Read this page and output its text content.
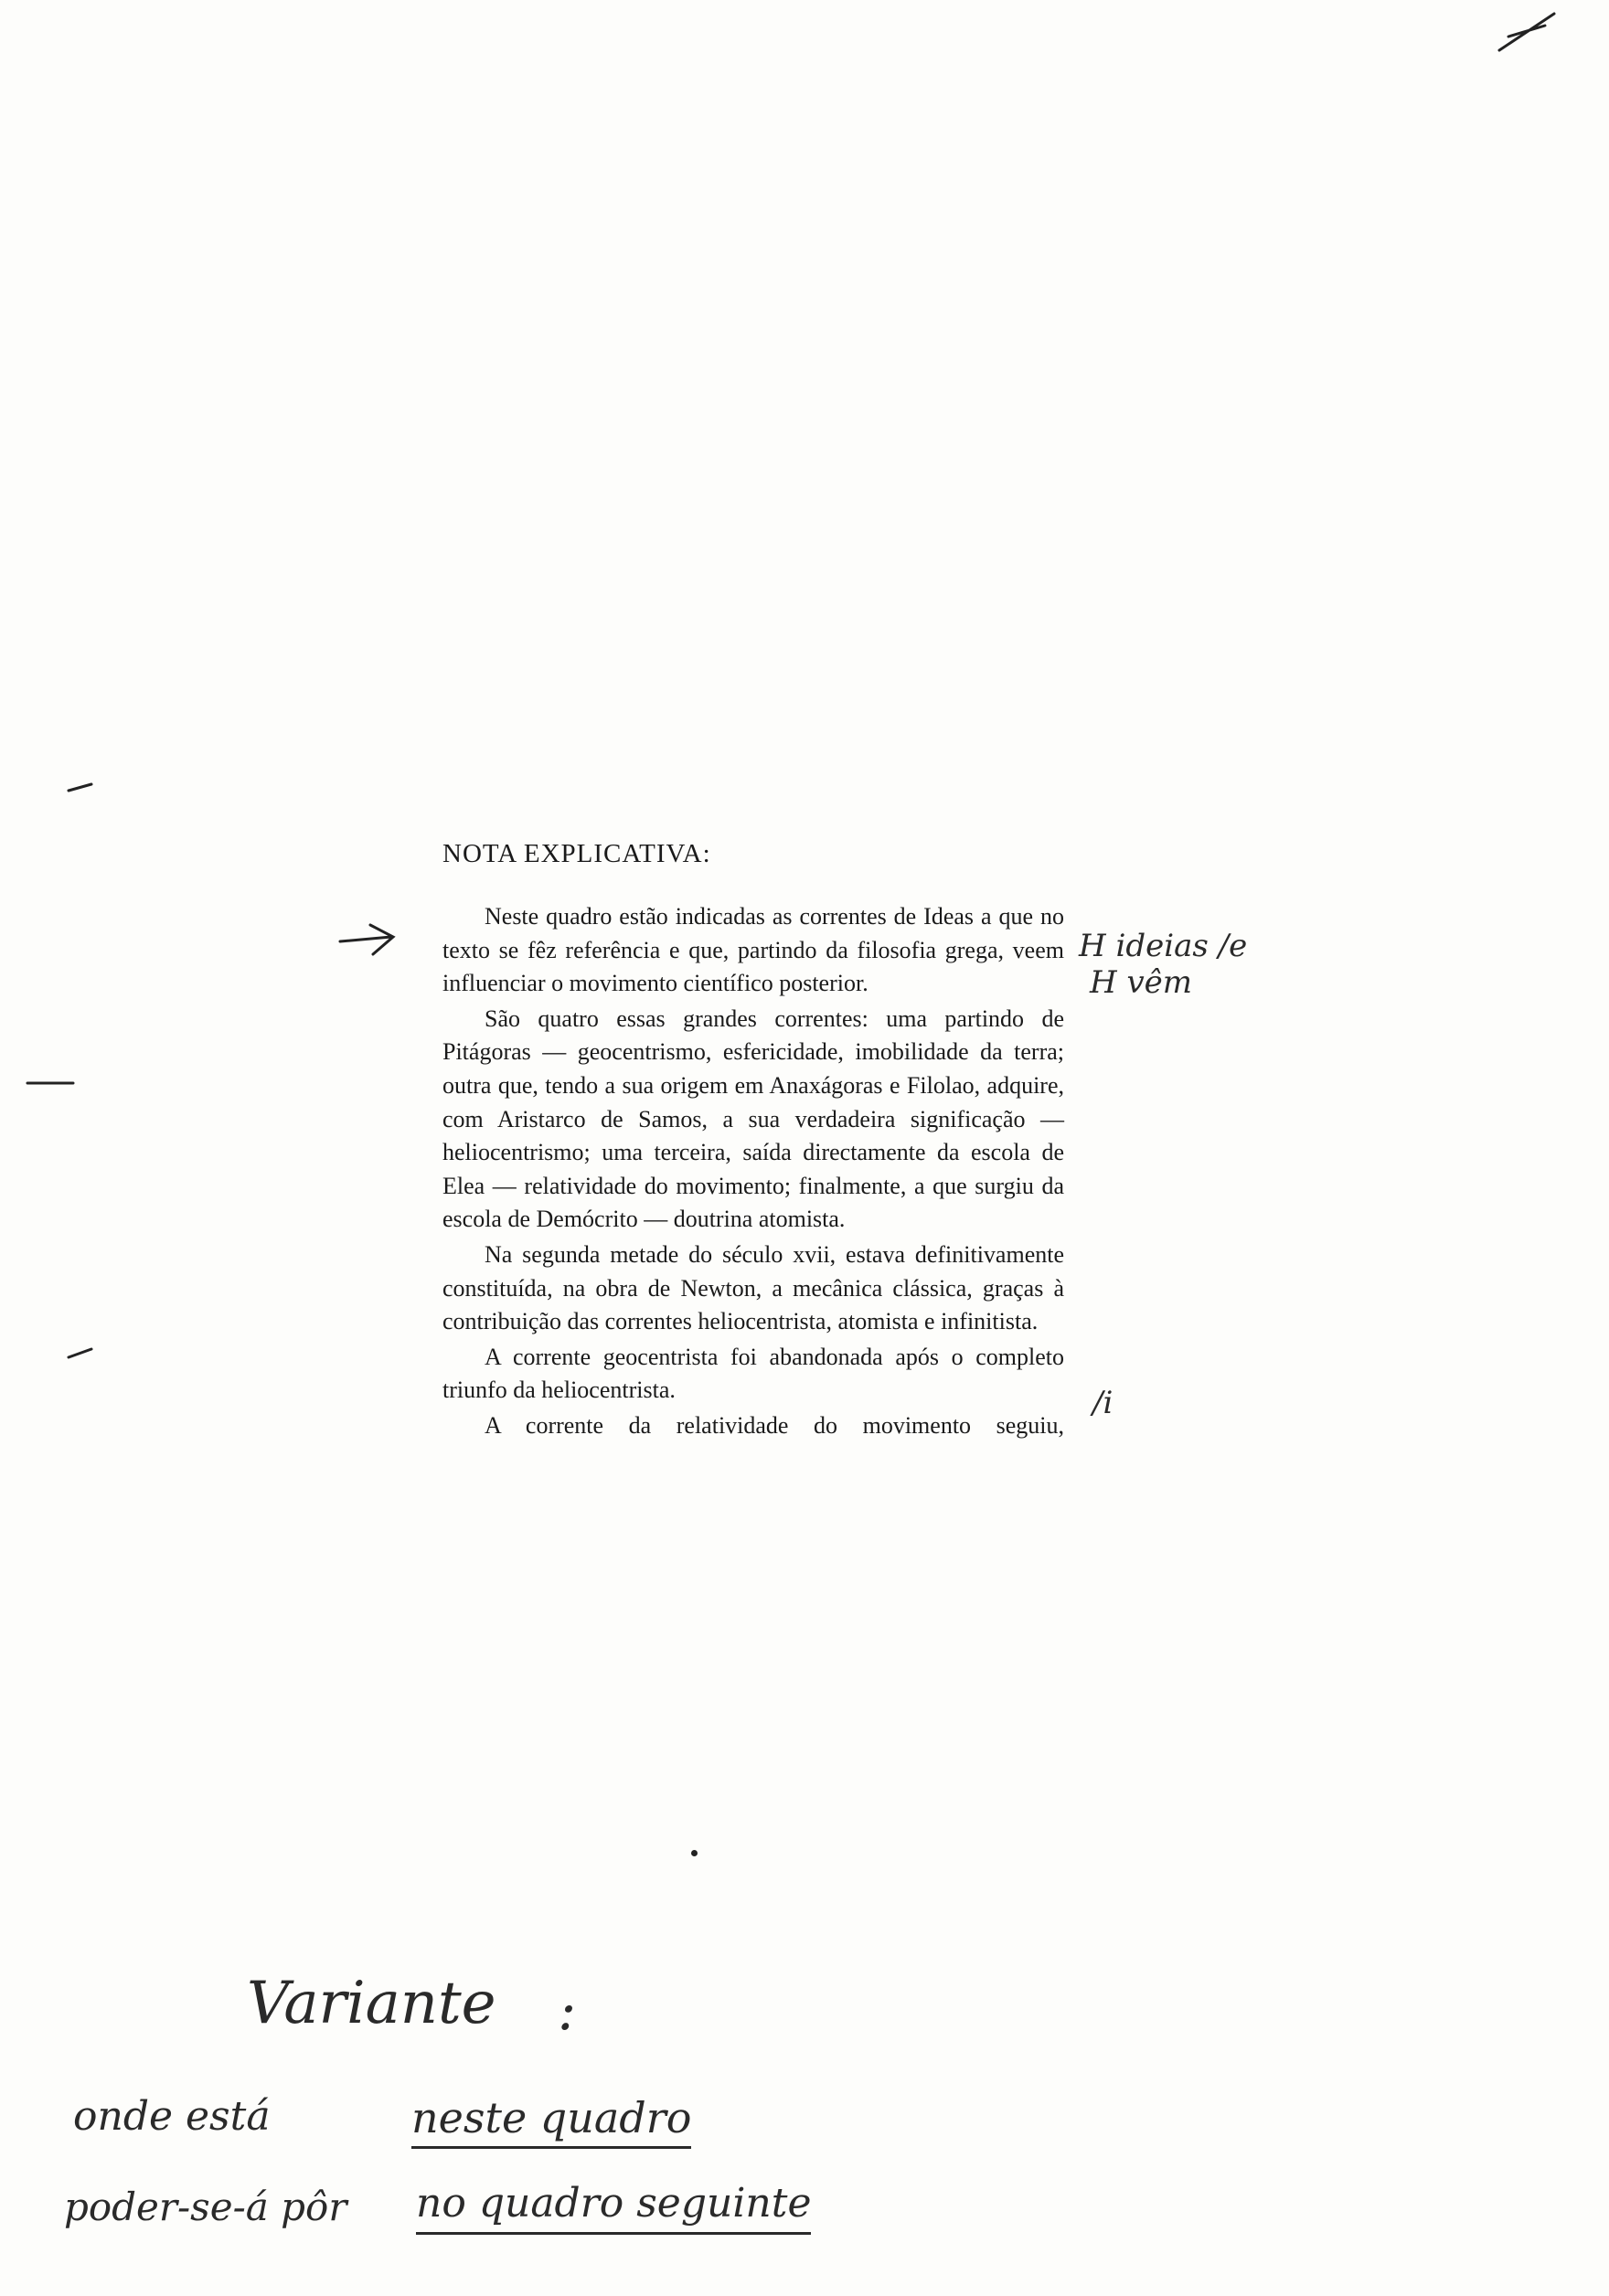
NOTA EXPLICATIVA:

Neste quadro estão indicadas as correntes de Ideas a que no texto se fêz referência e que, partindo da filosofia grega, veem influenciar o movimento científico posterior.

São quatro essas grandes correntes: uma partindo de Pitágoras — geocentrismo, esfericidade, imobilidade da terra; outra que, tendo a sua origem em Anaxágoras e Filolao, adquire, com Aristarco de Samos, a sua verdadeira significação — heliocentrismo; uma terceira, saída directamente da escola de Elea — relatividade do movimento; finalmente, a que surgiu da escola de Demócrito — doutrina atomista.

Na segunda metade do século xvii, estava definitivamente constituída, na obra de Newton, a mecânica clássica, graças à contribuição das correntes heliocentrista, atomista e infinitista.

A corrente geocentrista foi abandonada após o completo triunfo da heliocentrista.

A corrente da relatividade do movimento seguiu,

H ideias /e
H vêm
/i
Variante :
onde está	neste quadro
poder-se-á pôr no quadro seguinte
